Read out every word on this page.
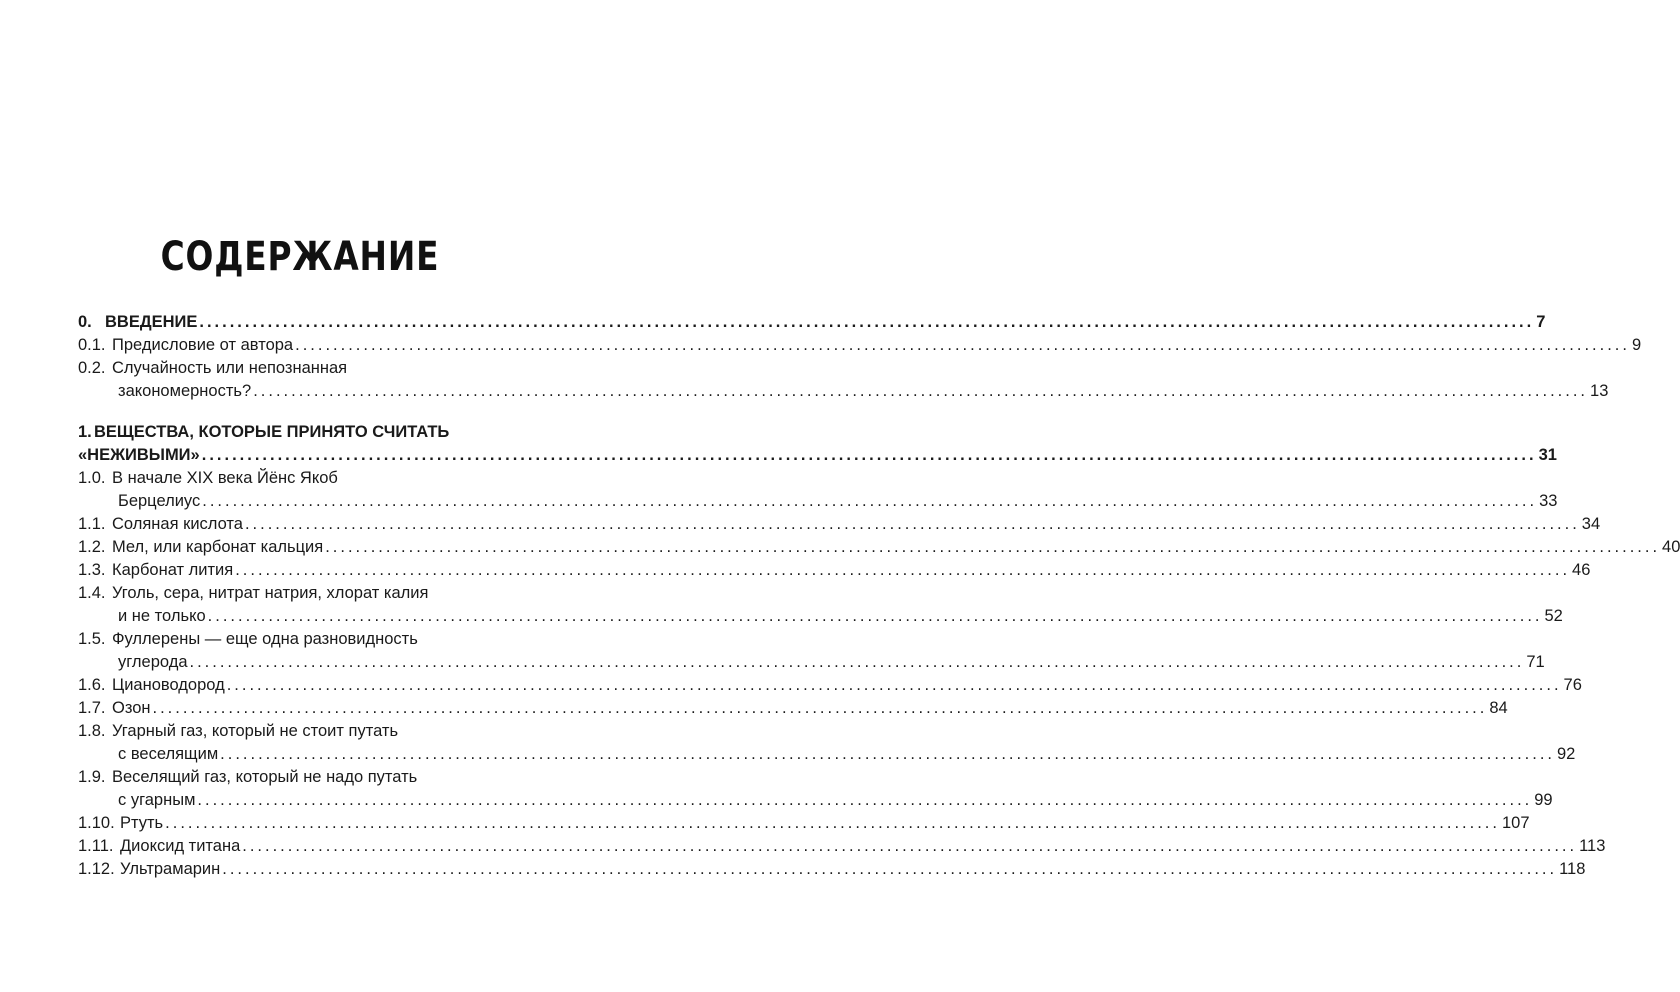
СОДЕРЖАНИЕ
0. ВВЕДЕНИЕ .....	7
0.1. Предисловие от автора .....	9
0.2. Случайность или непознанная
закономерность? .....	13
1. ВЕЩЕСТВА, КОТОРЫЕ ПРИНЯТО СЧИТАТЬ
«НЕЖИВЫМИ» .....	31
1.0. В начале XIX века Йёнс Якоб
Берцелиус .....	33
1.1. Соляная кислота .....	34
1.2. Мел, или карбонат кальция .....	40
1.3. Карбонат лития .....	46
1.4. Уголь, сера, нитрат натрия, хлорат калия
и не только .....	52
1.5. Фуллерены — еще одна разновидность
углерода .....	71
1.6. Циановодород .....	76
1.7. Озон .....	84
1.8. Угарный газ, который не стоит путать
с веселящим .....	92
1.9. Веселящий газ, который не надо путать
с угарным .....	99
1.10. Ртуть .....	107
1.11. Диоксид титана .....	113
1.12. Ультрамарин .....	118
